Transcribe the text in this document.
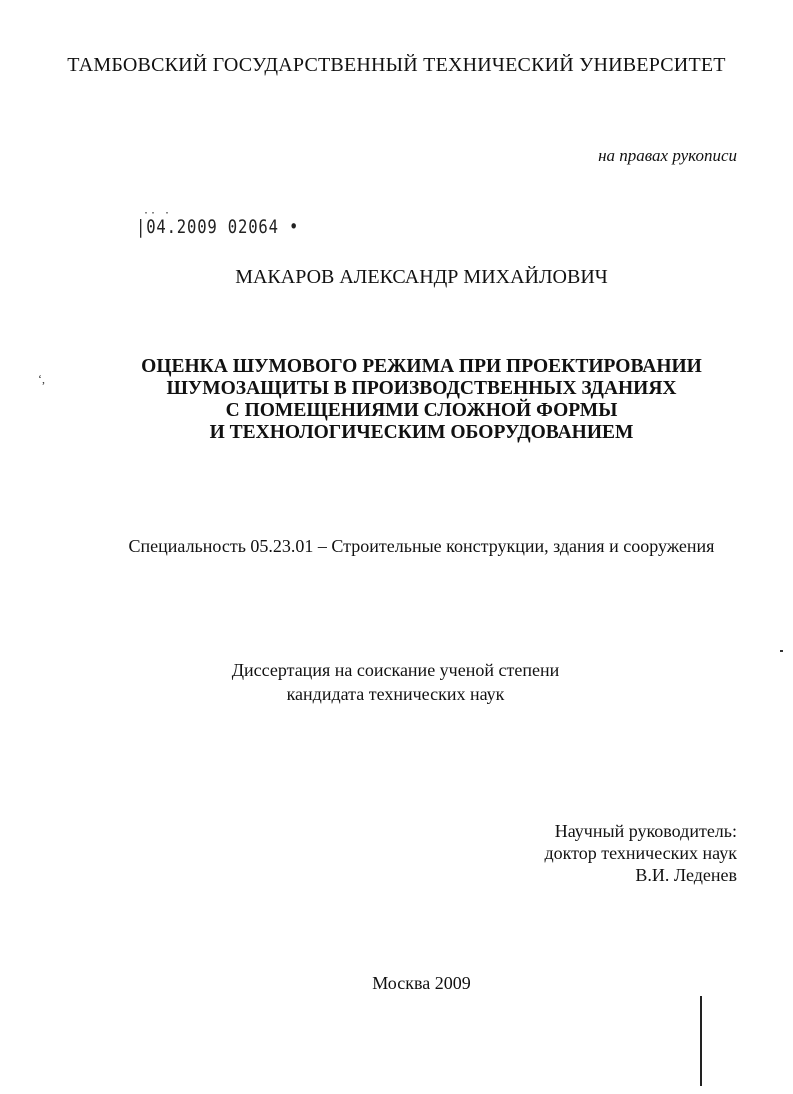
ТАМБОВСКИЙ ГОСУДАРСТВЕННЫЙ ТЕХНИЧЕСКИЙ УНИВЕРСИТЕТ
на правах рукописи
·· ·
|04.2009 02064 •
МАКАРОВ АЛЕКСАНДР МИХАЙЛОВИЧ
ОЦЕНКА ШУМОВОГО РЕЖИМА ПРИ ПРОЕКТИРОВАНИИ
ШУМОЗАЩИТЫ В ПРОИЗВОДСТВЕННЫХ ЗДАНИЯХ
С ПОМЕЩЕНИЯМИ СЛОЖНОЙ ФОРМЫ
И ТЕХНОЛОГИЧЕСКИМ ОБОРУДОВАНИЕМ
Специальность 05.23.01 – Строительные конструкции, здания и сооружения
Диссертация на соискание ученой степени
кандидата технических наук
Научный руководитель:
доктор технических наук
В.И. Леденев
Москва 2009
ʻ,
